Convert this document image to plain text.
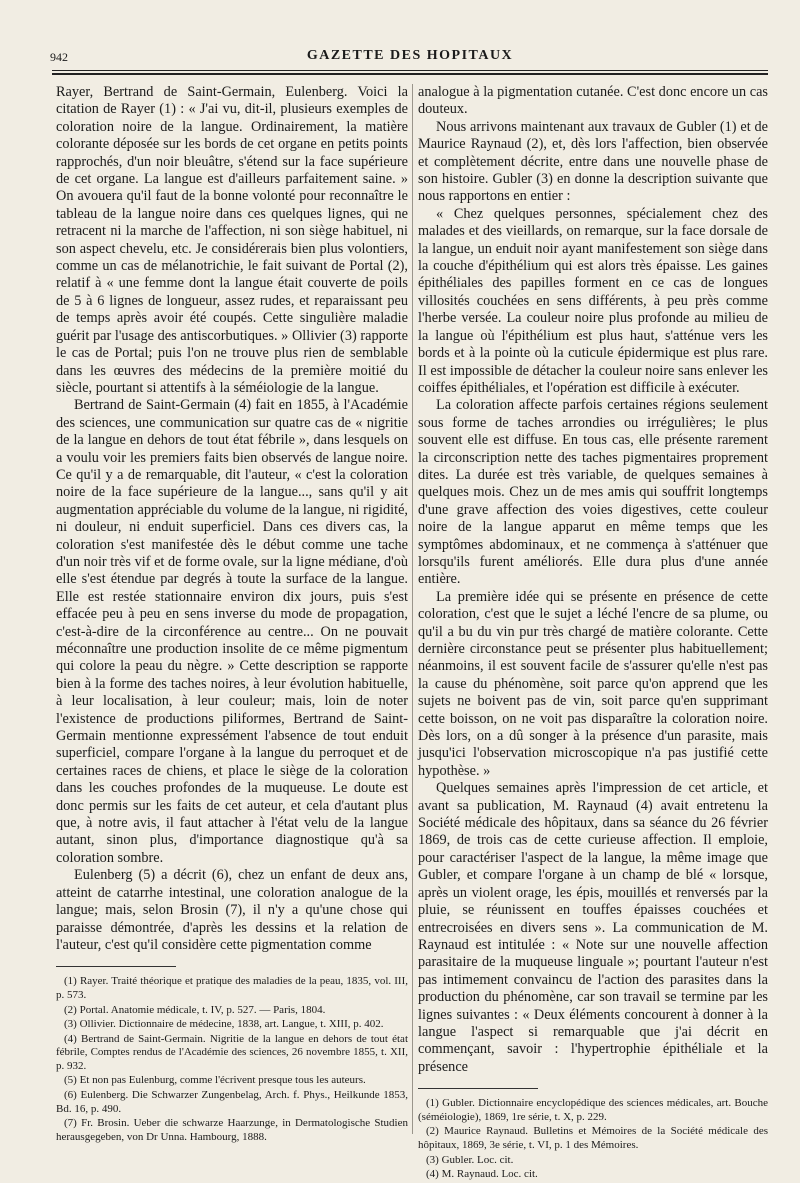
942	GAZETTE DES HOPITAUX

Rayer, Bertrand de Saint-Germain, Eulenberg. Voici la citation de Rayer (1) : « J'ai vu, dit-il, plusieurs exemples de coloration noire de la langue. Ordinairement, la matière colorante déposée sur les bords de cet organe en petits points rapprochés, d'un noir bleuâtre, s'étend sur la face supérieure de cet organe. La langue est d'ailleurs parfaitement saine. » On avouera qu'il faut de la bonne volonté pour reconnaître le tableau de la langue noire dans ces quelques lignes, qui ne retracent ni la marche de l'affection, ni son siège habituel, ni son aspect chevelu, etc. Je considérerais bien plus volontiers, comme un cas de mélanotrichie, le fait suivant de Portal (2), relatif à « une femme dont la langue était couverte de poils de 5 à 6 lignes de longueur, assez rudes, et reparaissant peu de temps après avoir été coupés. Cette singulière maladie guérit par l'usage des antiscorbutiques. » Ollivier (3) rapporte le cas de Portal; puis l'on ne trouve plus rien de semblable dans les œuvres des médecins de la première moitié du siècle, pourtant si attentifs à la séméiologie de la langue.

Bertrand de Saint-Germain (4) fait en 1855, à l'Académie des sciences, une communication sur quatre cas de « nigritie de la langue en dehors de tout état fébrile », dans lesquels on a voulu voir les premiers faits bien observés de langue noire. Ce qu'il y a de remarquable, dit l'auteur, « c'est la coloration noire de la face supérieure de la langue..., sans qu'il y ait augmentation appréciable du volume de la langue, ni rigidité, ni douleur, ni enduit superficiel. Dans ces divers cas, la coloration s'est manifestée dès le début comme une tache d'un noir très vif et de forme ovale, sur la ligne médiane, d'où elle s'est étendue par degrés à toute la surface de la langue. Elle est restée stationnaire environ dix jours, puis s'est effacée peu à peu en sens inverse du mode de propagation, c'est-à-dire de la circonférence au centre... On ne pouvait méconnaître une production insolite de ce même pigmentum qui colore la peau du nègre. » Cette description se rapporte bien à la forme des taches noires, à leur évolution habituelle, à leur localisation, à leur couleur; mais, loin de noter l'existence de productions piliformes, Bertrand de Saint-Germain mentionne expressément l'absence de tout enduit superficiel, compare l'organe à la langue du perroquet et de certaines races de chiens, et place le siège de la coloration dans les couches profondes de la muqueuse. Le doute est donc permis sur les faits de cet auteur, et cela d'autant plus que, à notre avis, il faut attacher à l'état velu de la langue autant, sinon plus, d'importance diagnostique qu'à sa coloration sombre.

Eulenberg (5) a décrit (6), chez un enfant de deux ans, atteint de catarrhe intestinal, une coloration analogue de la langue; mais, selon Brosin (7), il n'y a qu'une chose qui paraisse démontrée, d'après les dessins et la relation de l'auteur, c'est qu'il considère cette pigmentation comme

(1) Rayer. Traité théorique et pratique des maladies de la peau, 1835, vol. III, p. 573.

(2) Portal. Anatomie médicale, t. IV, p. 527. — Paris, 1804.

(3) Ollivier. Dictionnaire de médecine, 1838, art. Langue, t. XIII, p. 402.

(4) Bertrand de Saint-Germain. Nigritie de la langue en dehors de tout état fébrile, Comptes rendus de l'Académie des sciences, 26 novembre 1855, t. XII, p. 932.

(5) Et non pas Eulenburg, comme l'écrivent presque tous les auteurs.

(6) Eulenberg. Die Schwarzer Zungenbelag, Arch. f. Phys., Heilkunde 1853, Bd. 16, p. 490.

(7) Fr. Brosin. Ueber die schwarze Haarzunge, in Dermatologische Studien herausgegeben, von Dr Unna. Hambourg, 1888.

analogue à la pigmentation cutanée. C'est donc encore un cas douteux.

Nous arrivons maintenant aux travaux de Gubler (1) et de Maurice Raynaud (2), et, dès lors l'affection, bien observée et complètement décrite, entre dans une nouvelle phase de son histoire. Gubler (3) en donne la description suivante que nous rapportons en entier :

« Chez quelques personnes, spécialement chez des malades et des vieillards, on remarque, sur la face dorsale de la langue, un enduit noir ayant manifestement son siège dans la couche d'épithélium qui est alors très épaisse. Les gaines épithéliales des papilles forment en ce cas de longues villosités couchées en sens différents, à peu près comme l'herbe versée. La couleur noire plus profonde au milieu de la langue où l'épithélium est plus haut, s'atténue vers les bords et à la pointe où la cuticule épidermique est plus rare. Il est impossible de détacher la couleur noire sans enlever les coiffes épithéliales, et l'opération est difficile à exécuter.

La coloration affecte parfois certaines régions seulement sous forme de taches arrondies ou irrégulières; le plus souvent elle est diffuse. En tous cas, elle présente rarement la circonscription nette des taches pigmentaires proprement dites. La durée est très variable, de quelques semaines à quelques mois. Chez un de mes amis qui souffrit longtemps d'une grave affection des voies digestives, cette couleur noire de la langue apparut en même temps que les symptômes abdominaux, et ne commença à s'atténuer que lorsqu'ils furent améliorés. Elle dura plus d'une année entière.

La première idée qui se présente en présence de cette coloration, c'est que le sujet a léché l'encre de sa plume, ou qu'il a bu du vin pur très chargé de matière colorante. Cette dernière circonstance peut se présenter plus habituellement; néanmoins, il est souvent facile de s'assurer qu'elle n'est pas la cause du phénomène, soit parce qu'on apprend que les sujets ne boivent pas de vin, soit parce qu'en supprimant cette boisson, on ne voit pas disparaître la coloration noire. Dès lors, on a dû songer à la présence d'un parasite, mais jusqu'ici l'observation microscopique n'a pas justifié cette hypothèse. »

Quelques semaines après l'impression de cet article, et avant sa publication, M. Raynaud (4) avait entretenu la Société médicale des hôpitaux, dans sa séance du 26 février 1869, de trois cas de cette curieuse affection. Il emploie, pour caractériser l'aspect de la langue, la même image que Gubler, et compare l'organe à un champ de blé « lorsque, après un violent orage, les épis, mouillés et renversés par la pluie, se réunissent en touffes épaisses couchées et entrecroisées en divers sens ». La communication de M. Raynaud est intitulée : « Note sur une nouvelle affection parasitaire de la muqueuse linguale »; pourtant l'auteur n'est pas intimement convaincu de l'action des parasites dans la production du phénomène, car son travail se termine par les lignes suivantes : « Deux éléments concourent à donner à la langue l'aspect si remarquable que j'ai décrit en commençant, savoir : l'hypertrophie épithéliale et la présence

(1) Gubler. Dictionnaire encyclopédique des sciences médicales, art. Bouche (séméiologie), 1869, 1re série, t. X, p. 229.

(2) Maurice Raynaud. Bulletins et Mémoires de la Société médicale des hôpitaux, 1869, 3e série, t. VI, p. 1 des Mémoires.

(3) Gubler. Loc. cit.

(4) M. Raynaud. Loc. cit.
